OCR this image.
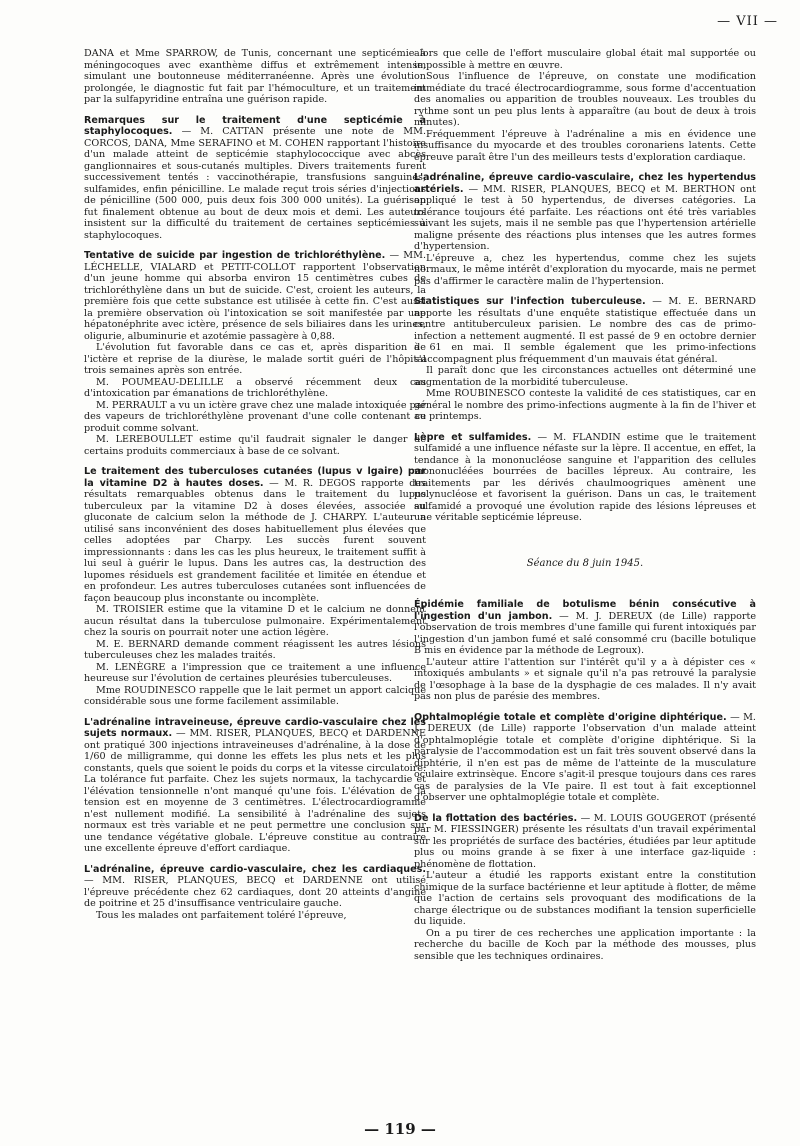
— VII —

DANA et Mme SPARROW, de Tunis, concernant une septicémie à méningocoques avec exanthème diffus et extrêmement intense, simulant une boutonneuse méditerranéenne. Après une évolution prolongée, le diagnostic fut fait par l'hémoculture, et un traitement par la sulfapyridine entraîna une guérison rapide.

Remarques sur le traitement d'une septicémie à staphylocoques. — M. CATTAN présente une note de MM. CORCOS, DANA, Mme SERAFINO et M. COHEN rapportant l'histoire d'un malade atteint de septicémie staphylococcique avec abcès ganglionnaires et sous-cutanés multiples. Divers traitements furent successivement tentés : vaccinothérapie, transfusions sanguines, sulfamides, enfin pénicilline. Le malade reçut trois séries d'injections de pénicilline (500 000, puis deux fois 300 000 unités). La guérison fut finalement obtenue au bout de deux mois et demi. Les auteurs insistent sur la difficulté du traitement de certaines septicémies à staphylocoques.

Tentative de suicide par ingestion de trichloréthylène. — MM. LÉCHELLE, VIALARD et PETIT-COLLOT rapportent l'observation d'un jeune homme qui absorba environ 15 centimètres cubes de trichloréthylène dans un but de suicide. C'est, croient les auteurs, la première fois que cette substance est utilisée à cette fin. C'est aussi la première observation où l'intoxication se soit manifestée par une hépatonéphrite avec ictère, présence de sels biliaires dans les urines, oligurie, albuminurie et azotémie passagère à 0,88.

L'évolution fut favorable dans ce cas et, après disparition de l'ictère et reprise de la diurèse, le malade sortit guéri de l'hôpital trois semaines après son entrée.

M. POUMEAU-DELILLE a observé récemment deux cas d'intoxication par émanations de trichloréthylène.

M. PERRAULT a vu un ictère grave chez une malade intoxiquée par des vapeurs de trichloréthylène provenant d'une colle contenant ce produit comme solvant.

M. LEREBOULLET estime qu'il faudrait signaler le danger de certains produits commerciaux à base de ce solvant.

Le traitement des tuberculoses cutanées (lupus v lgaire) par la vitamine D2 à hautes doses. — M. R. DEGOS rapporte des résultats remarquables obtenus dans le traitement du lupus tuberculeux par la vitamine D2 à doses élevées, associée au gluconate de calcium selon la méthode de J. CHARPY. L'auteur a utilisé sans inconvénient des doses habituellement plus élevées que celles adoptées par Charpy. Les succès furent souvent impressionnants : dans les cas les plus heureux, le traitement suffit à lui seul à guérir le lupus. Dans les autres cas, la destruction des lupomes résiduels est grandement facilitée et limitée en étendue et en profondeur. Les autres tuberculoses cutanées sont influencées de façon beaucoup plus inconstante ou incomplète.

M. TROISIER estime que la vitamine D et le calcium ne donnent aucun résultat dans la tuberculose pulmonaire. Expérimentalement chez la souris on pourrait noter une action légère.

M. E. BERNARD demande comment réagissent les autres lésions tuberculeuses chez les malades traités.

M. LENÈGRE a l'impression que ce traitement a une influence heureuse sur l'évolution de certaines pleurésies tuberculeuses.

Mme ROUDINESCO rappelle que le lait permet un apport calcique considérable sous une forme facilement assimilable.

L'adrénaline intraveineuse, épreuve cardio-vasculaire chez les sujets normaux. — MM. RISER, PLANQUES, BECQ et DARDENNE ont pratiqué 300 injections intraveineuses d'adrénaline, à la dose de 1/60 de milligramme, qui donne les effets les plus nets et les plus constants, quels que soient le poids du corps et la vitesse circulatoire. La tolérance fut parfaite. Chez les sujets normaux, la tachycardie et l'élévation tensionnelle n'ont manqué qu'une fois. L'élévation de la tension est en moyenne de 3 centimètres. L'électrocardiogramme n'est nullement modifié. La sensibilité à l'adrénaline des sujets normaux est très variable et ne peut permettre une conclusion sur une tendance végétative globale. L'épreuve constitue au contraire une excellente épreuve d'effort cardiaque.

L'adrénaline, épreuve cardio-vasculaire, chez les cardiaques. — MM. RISER, PLANQUES, BECQ et DARDENNE ont utilisé l'épreuve précédente chez 62 cardiaques, dont 20 atteints d'angine de poitrine et 25 d'insuffisance ventriculaire gauche.

Tous les malades ont parfaitement toléré l'épreuve,

alors que celle de l'effort musculaire global était mal supportée ou impossible à mettre en œuvre.

Sous l'influence de l'épreuve, on constate une modification immédiate du tracé électrocardiogramme, sous forme d'accentuation des anomalies ou apparition de troubles nouveaux. Les troubles du rythme sont un peu plus lents à apparaître (au bout de deux à trois minutes).

Fréquemment l'épreuve à l'adrénaline a mis en évidence une insuffisance du myocarde et des troubles coronariens latents. Cette épreuve paraît être l'un des meilleurs tests d'exploration cardiaque.

L'adrénaline, épreuve cardio-vasculaire, chez les hypertendus artériels. — MM. RISER, PLANQUES, BECQ et M. BERTHON ont appliqué le test à 50 hypertendus, de diverses catégories. La tolérance toujours été parfaite. Les réactions ont été très variables suivant les sujets, mais il ne semble pas que l'hypertension artérielle maligne présente des réactions plus intenses que les autres formes d'hypertension.

L'épreuve a, chez les hypertendus, comme chez les sujets normaux, le même intérêt d'exploration du myocarde, mais ne permet pas d'affirmer le caractère malin de l'hypertension.

Statistiques sur l'infection tuberculeuse. — M. E. BERNARD apporte les résultats d'une enquête statistique effectuée dans un centre antituberculeux parisien. Le nombre des cas de primo-infection a nettement augmenté. Il est passé de 9 en octobre dernier à 61 en mai. Il semble également que les primo-infections s'accompagnent plus fréquemment d'un mauvais état général.

Il paraît donc que les circonstances actuelles ont déterminé une augmentation de la morbidité tuberculeuse.

Mme ROUBINESCO conteste la validité de ces statistiques, car en général le nombre des primo-infections augmente à la fin de l'hiver et au printemps.

Lèpre et sulfamides. — M. FLANDIN estime que le traitement sulfamidé a une influence néfaste sur la lèpre. Il accentue, en effet, la tendance à la mononucléose sanguine et l'apparition des cellules mononucléées bourrées de bacilles lépreux. Au contraire, les traitements par les dérivés chaulmoogriques amènent une polynucléose et favorisent la guérison. Dans un cas, le traitement sulfamidé a provoqué une évolution rapide des lésions lépreuses et une véritable septicémie lépreuse.

Séance du 8 juin 1945.

Épidémie familiale de botulisme bénin consécutive à l'ingestion d'un jambon. — M. J. DEREUX (de Lille) rapporte l'observation de trois membres d'une famille qui furent intoxiqués par l'ingestion d'un jambon fumé et salé consommé cru (bacille botulique B mis en évidence par la méthode de Legroux).

L'auteur attire l'attention sur l'intérêt qu'il y a à dépister ces « intoxiqués ambulants » et signale qu'il n'a pas retrouvé la paralysie de l'œsophage à la base de la dysphagie de ces malades. Il n'y avait pas non plus de parésie des membres.

Ophtalmoplégie totale et complète d'origine diphtérique. — M. J. DEREUX (de Lille) rapporte l'observation d'un malade atteint d'ophtalmoplégie totale et complète d'origine diphtérique. Si la paralysie de l'accommodation est un fait très souvent observé dans la diphtérie, il n'en est pas de même de l'atteinte de la musculature oculaire extrinsèque. Encore s'agit-il presque toujours dans ces rares cas de paralysies de la VIe paire. Il est tout à fait exceptionnel d'observer une ophtalmoplégie totale et complète.

De la flottation des bactéries. — M. LOUIS GOUGEROT (présenté par M. FIESSINGER) présente les résultats d'un travail expérimental sur les propriétés de surface des bactéries, étudiées par leur aptitude plus ou moins grande à se fixer à une interface gaz-liquide : phénomène de flottation.

L'auteur a étudié les rapports existant entre la constitution chimique de la surface bactérienne et leur aptitude à flotter, de même que l'action de certains sels provoquant des modifications de la charge électrique ou de substances modifiant la tension superficielle du liquide.

On a pu tirer de ces recherches une application importante : la recherche du bacille de Koch par la méthode des mousses, plus sensible que les techniques ordinaires.

— 119 —
